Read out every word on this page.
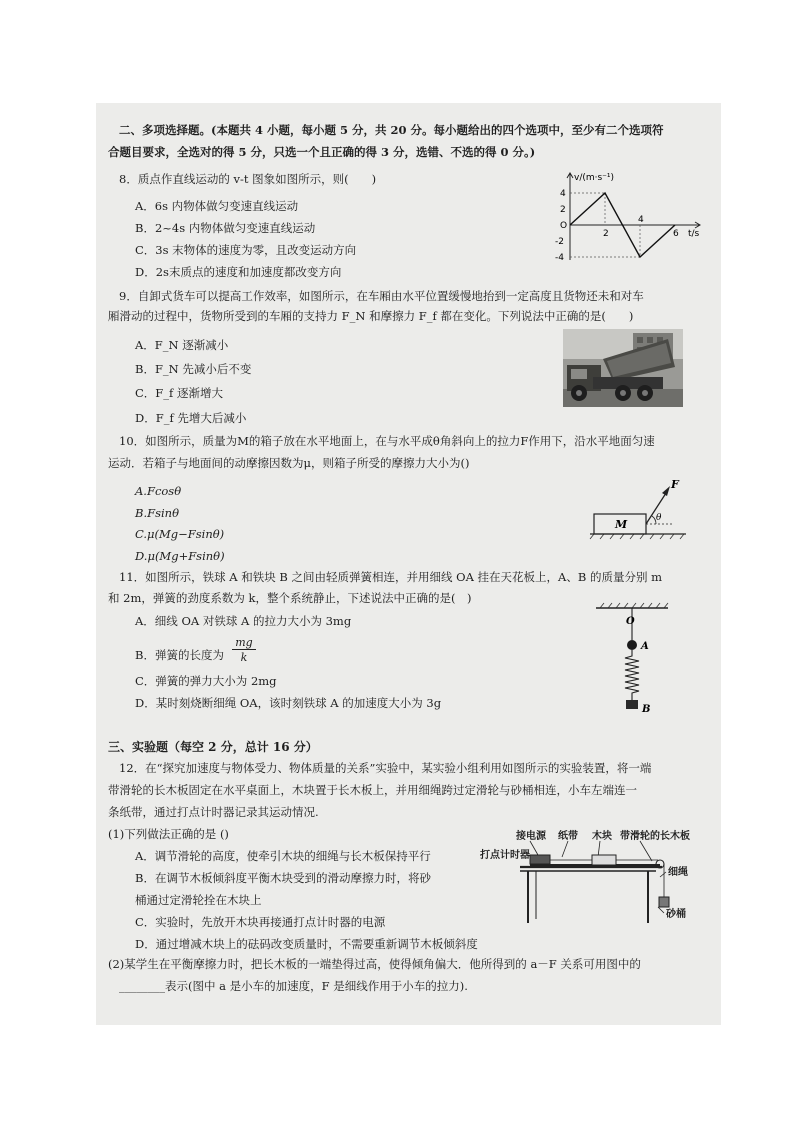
二、多项选择题。(本题共 4 小题，每小题 5 分，共 20 分。每小题给出的四个选项中，至少有二个选项符
合题目要求，全选对的得 5 分，只选一个且正确的得 3 分，选错、不选的得 0 分。)
8．质点作直线运动的 v-t 图象如图所示，则(　　)
A．6s 内物体做匀变速直线运动
B．2~4s 内物体做匀变速直线运动
C．3s 末物体的速度为零，且改变运动方向
D．2s末质点的速度和加速度都改变方向
v/(m·s⁻¹)
t/s
4
2
O
-2
-4
2
4
6
9．自卸式货车可以提高工作效率，如图所示，在车厢由水平位置缓慢地抬到一定高度且货物还未和对车
厢滑动的过程中，货物所受到的车厢的支持力 F_N 和摩擦力 F_f 都在变化。下列说法中正确的是(　　)
A．F_N 逐渐减小
B．F_N 先减小后不变
C．F_f 逐渐增大
D．F_f 先增大后减小
10．如图所示，质量为M的箱子放在水平地面上，在与水平成θ角斜向上的拉力F作用下，沿水平地面匀速
运动．若箱子与地面间的动摩擦因数为μ，则箱子所受的摩擦力大小为()
A.Fcosθ
B.Fsinθ
C.μ(Mg−Fsinθ)
D.μ(Mg+Fsinθ)
F
M	θ
11．如图所示，铁球 A 和铁块 B 之间由轻质弹簧相连，并用细线 OA 挂在天花板上，A、B 的质量分别 m
和 2m，弹簧的劲度系数为 k，整个系统静止，下述说法中正确的是(　)
A．细线 OA 对铁球 A 的拉力大小为 3mg
B．弹簧的长度为
mg
k
C．弹簧的弹力大小为 2mg
D．某时刻烧断细绳 OA，该时刻铁球 A 的加速度大小为 3g
O
A
B
三、实验题（每空 2 分，总计 16 分）
12．在“探究加速度与物体受力、物体质量的关系”实验中，某实验小组利用如图所示的实验装置，将一端
带滑轮的长木板固定在水平桌面上，木块置于长木板上，并用细绳跨过定滑轮与砂桶相连，小车左端连一
条纸带，通过打点计时器记录其运动情况.
(1)下列做法正确的是 ()
A．调节滑轮的高度，使牵引木块的细绳与长木板保持平行
B．在调节木板倾斜度平衡木块受到的滑动摩擦力时，将砂
桶通过定滑轮拴在木块上
C．实验时，先放开木块再接通打点计时器的电源
D．通过增减木块上的砝码改变质量时，不需要重新调节木板倾斜度
(2)某学生在平衡摩擦力时，把长木板的一端垫得过高，使得倾角偏大．他所得到的 a－F 关系可用图中的
________表示(图中 a 是小车的加速度，F 是细线作用于小车的拉力).
接电源 纸带 木块 带滑轮的长木板
打点计时器
细绳
砂桶
